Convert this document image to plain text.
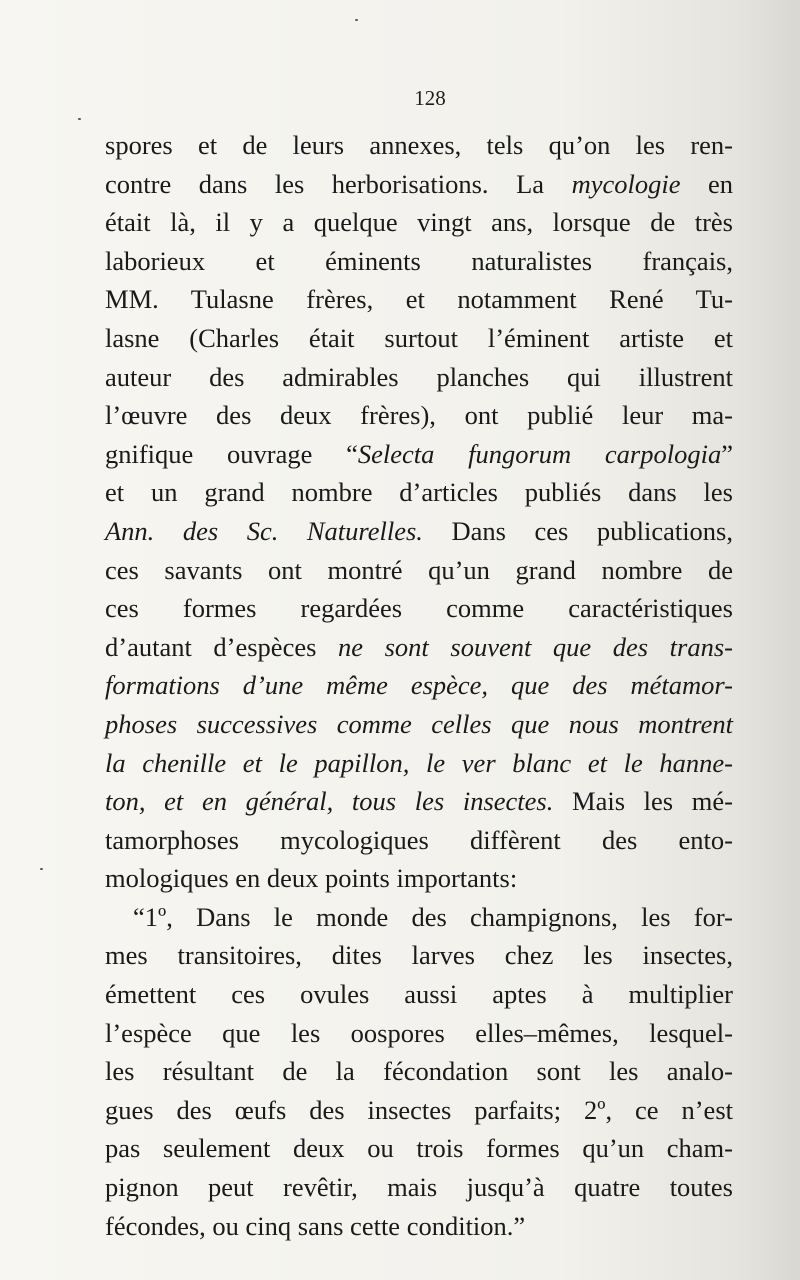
128
spores et de leurs annexes, tels qu’on les ren-
contre dans les herborisations. La mycologie en
était là, il y a quelque vingt ans, lorsque de très
laborieux et éminents naturalistes français,
MM. Tulasne frères, et notamment René Tu-
lasne (Charles était surtout l’éminent artiste et
auteur des admirables planches qui illustrent
l’œuvre des deux frères), ont publié leur ma-
gnifique ouvrage “Selecta fungorum carpologia”
et un grand nombre d’articles publiés dans les
Ann. des Sc. Naturelles. Dans ces publications,
ces savants ont montré qu’un grand nombre de
ces formes regardées comme caractéristiques
d’autant d’espèces ne sont souvent que des trans-
formations d’une même espèce, que des métamor-
phoses successives comme celles que nous montrent
la chenille et le papillon, le ver blanc et le hanne-
ton, et en général, tous les insectes. Mais les mé-
tamorphoses mycologiques diffèrent des ento-
mologiques en deux points importants:
“1º, Dans le monde des champignons, les for-
mes transitoires, dites larves chez les insectes,
émettent ces ovules aussi aptes à multiplier
l’espèce que les oospores elles–mêmes, lesquel-
les résultant de la fécondation sont les analo-
gues des œufs des insectes parfaits; 2º, ce n’est
pas seulement deux ou trois formes qu’un cham-
pignon peut revêtir, mais jusqu’à quatre toutes
fécondes, ou cinq sans cette condition.”
